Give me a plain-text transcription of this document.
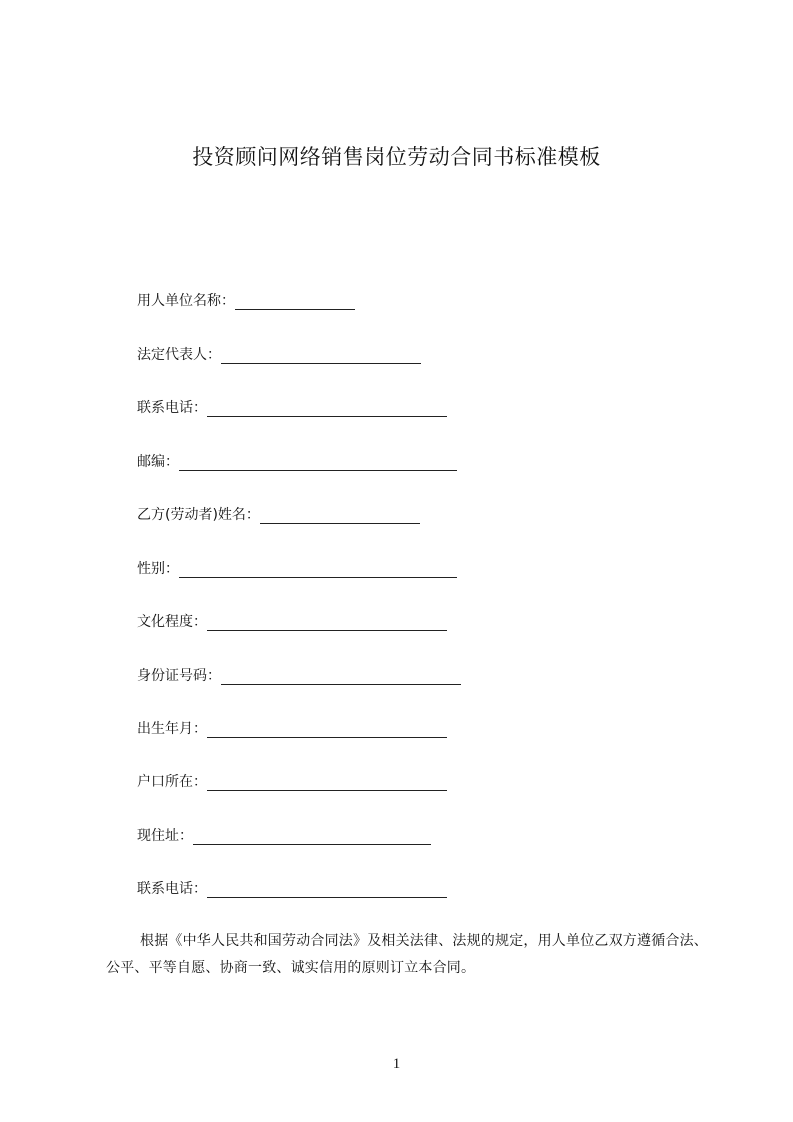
投资顾问网络销售岗位劳动合同书标准模板
用人单位名称：
法定代表人：
联系电话：
邮编：
乙方(劳动者)姓名：
性别：
文化程度：
身份证号码：
出生年月：
户口所在：
现住址：
联系电话：
根据《中华人民共和国劳动合同法》及相关法律、法规的规定，用人单位乙双方遵循合法、公平、平等自愿、协商一致、诚实信用的原则订立本合同。
1
